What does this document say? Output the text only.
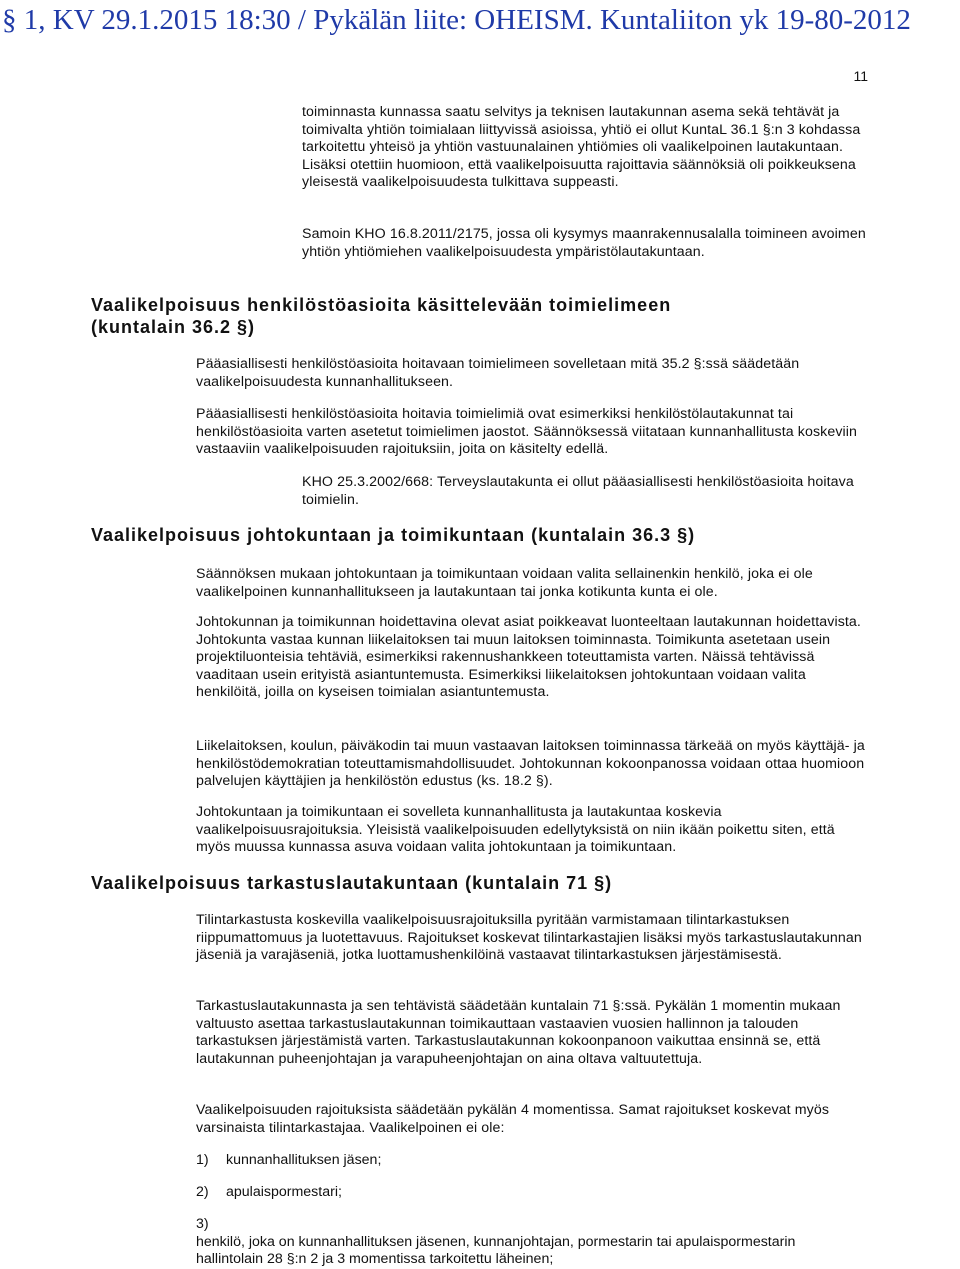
§ 1, KV 29.1.2015 18:30 / Pykälän liite: OHEISM. Kuntaliiton yk 19-80-2012
11

toiminnasta kunnassa saatu selvitys ja teknisen lautakunnan asema sekä tehtävät ja toimivalta yhtiön toimialaan liittyvissä asioissa, yhtiö ei ollut KuntaL 36.1 §:n 3 kohdassa tarkoitettu yhteisö ja yhtiön vastuunalainen yhtiömies oli vaalikelpoinen lautakuntaan. Lisäksi otettiin huomioon, että vaalikelpoisuutta rajoittavia säännöksiä oli poikkeuksena yleisestä vaalikelpoisuudesta tulkittava suppeasti.

Samoin KHO 16.8.2011/2175, jossa oli kysymys maanrakennusalalla toimineen avoimen yhtiön yhtiömiehen vaalikelpoisuudesta ympäristölautakuntaan.

Vaalikelpoisuus henkilöstöasioita käsittelevään toimielimeen (kuntalain 36.2 §)

Pääasiallisesti henkilöstöasioita hoitavaan toimielimeen sovelletaan mitä 35.2 §:ssä säädetään vaalikelpoisuudesta kunnanhallitukseen.

Pääasiallisesti henkilöstöasioita hoitavia toimielimiä ovat esimerkiksi henkilöstölautakunnat tai henkilöstöasioita varten asetetut toimielimen jaostot. Säännöksessä viitataan kunnanhallitusta koskeviin vastaaviin vaalikelpoisuuden rajoituksiin, joita on käsitelty edellä.

KHO 25.3.2002/668: Terveyslautakunta ei ollut pääasiallisesti henkilöstöasioita hoitava toimielin.

Vaalikelpoisuus johtokuntaan ja toimikuntaan (kuntalain 36.3 §)

Säännöksen mukaan johtokuntaan ja toimikuntaan voidaan valita sellainenkin henkilö, joka ei ole vaalikelpoinen kunnanhallitukseen ja lautakuntaan tai jonka kotikunta kunta ei ole.

Johtokunnan ja toimikunnan hoidettavina olevat asiat poikkeavat luonteeltaan lautakunnan hoidettavista. Johtokunta vastaa kunnan liikelaitoksen tai muun laitoksen toiminnasta. Toimikunta asetetaan usein projektiluonteisia tehtäviä, esimerkiksi rakennushankkeen toteuttamista varten. Näissä tehtävissä vaaditaan usein erityistä asiantuntemusta. Esimerkiksi liikelaitoksen johtokuntaan voidaan valita henkilöitä, joilla on kyseisen toimialan asiantuntemusta.

Liikelaitoksen, koulun, päiväkodin tai muun vastaavan laitoksen toiminnassa tärkeää on myös käyttäjä- ja henkilöstödemokratian toteuttamismahdollisuudet. Johtokunnan kokoonpanossa voidaan ottaa huomioon palvelujen käyttäjien ja henkilöstön edustus (ks. 18.2 §).

Johtokuntaan ja toimikuntaan ei sovelleta kunnanhallitusta ja lautakuntaa koskevia vaalikelpoisuusrajoituksia. Yleisistä vaalikelpoisuuden edellytyksistä on niin ikään poikettu siten, että myös muussa kunnassa asuva voidaan valita johtokuntaan ja toimikuntaan.

Vaalikelpoisuus tarkastuslautakuntaan (kuntalain 71 §)

Tilintarkastusta koskevilla vaalikelpoisuusrajoituksilla pyritään varmistamaan tilintarkastuksen riippumattomuus ja luotettavuus. Rajoitukset koskevat tilintarkastajien lisäksi myös tarkastuslautakunnan jäseniä ja varajäseniä, jotka luottamushenkilöinä vastaavat tilintarkastuksen järjestämisestä.

Tarkastuslautakunnasta ja sen tehtävistä säädetään kuntalain 71 §:ssä. Pykälän 1 momentin mukaan valtuusto asettaa tarkastuslautakunnan toimikauttaan vastaavien vuosien hallinnon ja talouden tarkastuksen järjestämistä varten. Tarkastuslautakunnan kokoonpanoon vaikuttaa ensinnä se, että lautakunnan puheenjohtajan ja varapuheenjohtajan on aina oltava valtuutettuja.

Vaalikelpoisuuden rajoituksista säädetään pykälän 4 momentissa. Samat rajoitukset koskevat myös varsinaista tilintarkastajaa. Vaalikelpoinen ei ole:

1) kunnanhallituksen jäsen;
2) apulaispormestari;
3)henkilö, joka on kunnanhallituksen jäsenen, kunnanjohtajan, pormestarin tai apulaispormestarin hallintolain 28 §:n 2 ja 3 momentissa tarkoitettu läheinen;
